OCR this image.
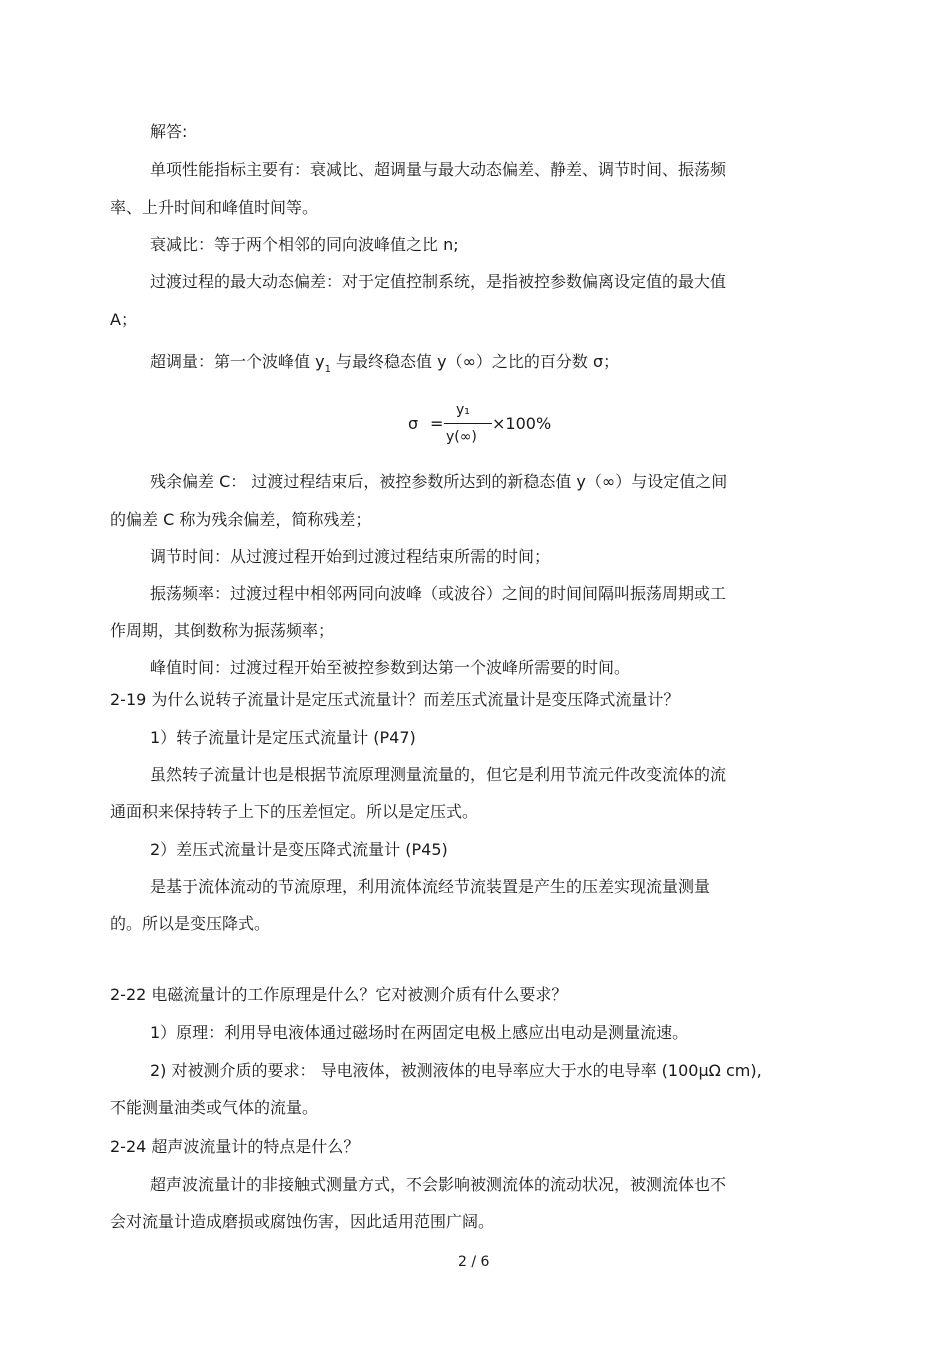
解答:
单项性能指标主要有：衰减比、超调量与最大动态偏差、静差、调节时间、振荡频
率、上升时间和峰值时间等。
衰减比：等于两个相邻的同向波峰值之比 n;
过渡过程的最大动态偏差：对于定值控制系统，是指被控参数偏离设定值的最大值
A；
超调量：第一个波峰值 $y_1$ 与最终稳态值 y（∞）之比的百分数 σ；
σ =
y₁
y(∞)
×100%
残余偏差 C： 过渡过程结束后，被控参数所达到的新稳态值 y（∞）与设定值之间
的偏差 C 称为残余偏差，简称残差；
调节时间：从过渡过程开始到过渡过程结束所需的时间；
振荡频率：过渡过程中相邻两同向波峰（或波谷）之间的时间间隔叫振荡周期或工
作周期，其倒数称为振荡频率；
峰值时间：过渡过程开始至被控参数到达第一个波峰所需要的时间。
2-19 为什么说转子流量计是定压式流量计？而差压式流量计是变压降式流量计？
1）转子流量计是定压式流量计 (P47)
虽然转子流量计也是根据节流原理测量流量的，但它是利用节流元件改变流体的流
通面积来保持转子上下的压差恒定。所以是定压式。
2）差压式流量计是变压降式流量计 (P45)
是基于流体流动的节流原理，利用流体流经节流装置是产生的压差实现流量测量
的。所以是变压降式。
2-22 电磁流量计的工作原理是什么？它对被测介质有什么要求？
1）原理：利用导电液体通过磁场时在两固定电极上感应出电动是测量流速。
2) 对被测介质的要求： 导电液体，被测液体的电导率应大于水的电导率 (100μΩ cm),
不能测量油类或气体的流量。
2-24 超声波流量计的特点是什么？
超声波流量计的非接触式测量方式，不会影响被测流体的流动状况，被测流体也不
会对流量计造成磨损或腐蚀伤害，因此适用范围广阔。
2 / 6
